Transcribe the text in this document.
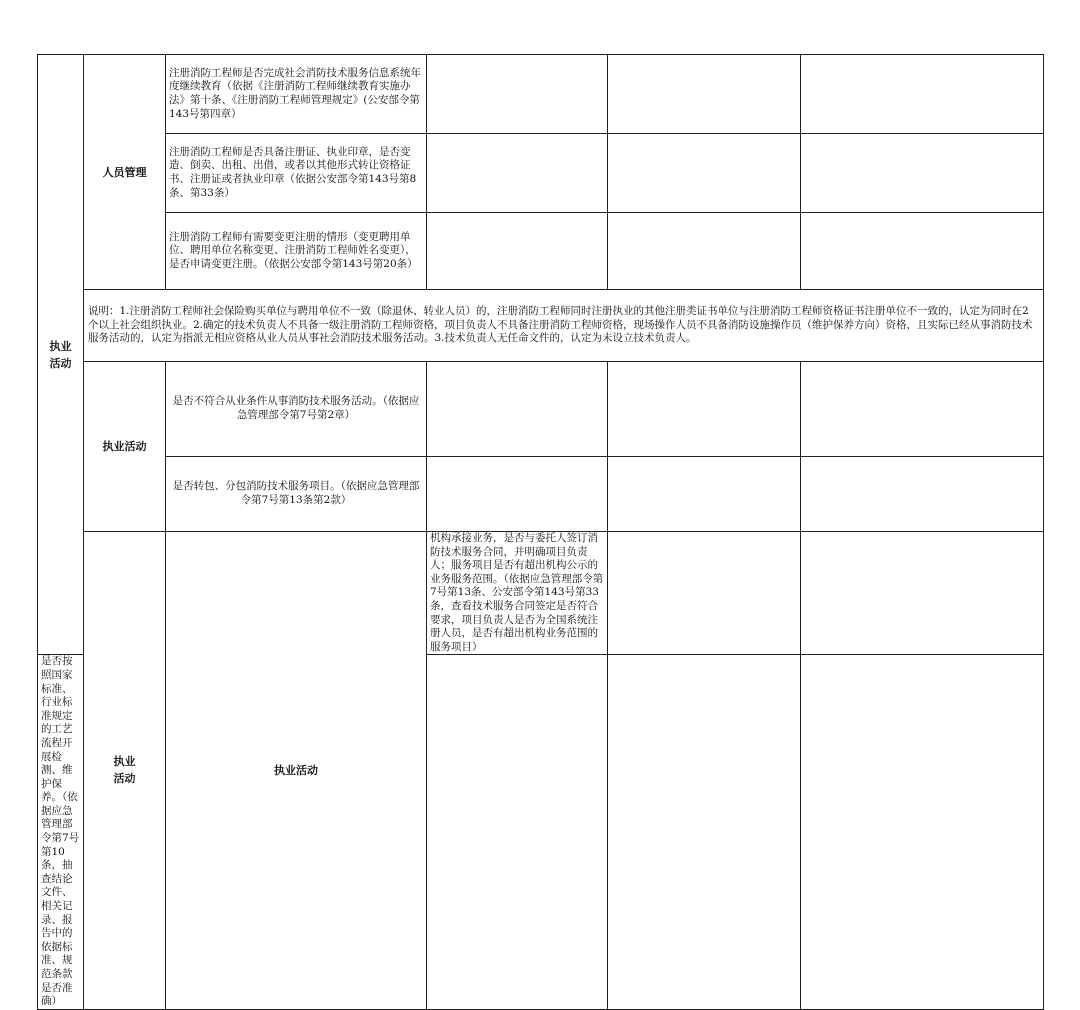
执业活动	人员管理	注册消防工程师是否完成社会消防技术服务信息系统年度继续教育（依据《注册消防工程师继续教育实施办法》第十条、《注册消防工程师管理规定》(公安部令第143号第四章）				
		注册消防工程师是否具备注册证、执业印章，是否变造、倒卖、出租、出借，或者以其他形式转让资格证书、注册证或者执业印章（依据公安部令第143号第8条、第33条）				
		注册消防工程师有需要变更注册的情形（变更聘用单位、聘用单位名称变更、注册消防工程师姓名变更），是否申请变更注册。（依据公安部令第143号第20条）				
	说明：1.注册消防工程师社会保险购买单位与聘用单位不一致（除退休、转业人员）的，注册消防工程师同时注册执业的其他注册类证书单位与注册消防工程师资格证书注册单位不一致的，认定为同时在2个以上社会组织执业。2.确定的技术负责人不具备一级注册消防工程师资格，项目负责人不具备注册消防工程师资格，现场操作人员不具备消防设施操作员（维护保养方向）资格，且实际已经从事消防技术服务活动的，认定为指派无相应资格从业人员从事社会消防技术服务活动。3.技术负责人无任命文件的，认定为未设立技术负责人。					
	执业活动	是否不符合从业条件从事消防技术服务活动。（依据应急管理部令第7号第2章）				
		是否转包、分包消防技术服务项目。（依据应急管理部令第7号第13条第2款）				
	执业活动	执业活动	机构承接业务，是否与委托人签订消防技术服务合同，并明确项目负责人；服务项目是否有超出机构公示的业务服务范围。（依据应急管理部令第7号第13条、公安部令第143号第33条，查看技术服务合同签定是否符合要求，项目负责人是否为全国系统注册人员，是否有超出机构业务范围的服务项目）			
是否按照国家标准、行业标准规定的工艺流程开展检测、维护保养。（依据应急管理部令第7号第10条，抽查结论文件、相关记录、报告中的依据标准、规范条款是否准确）						
